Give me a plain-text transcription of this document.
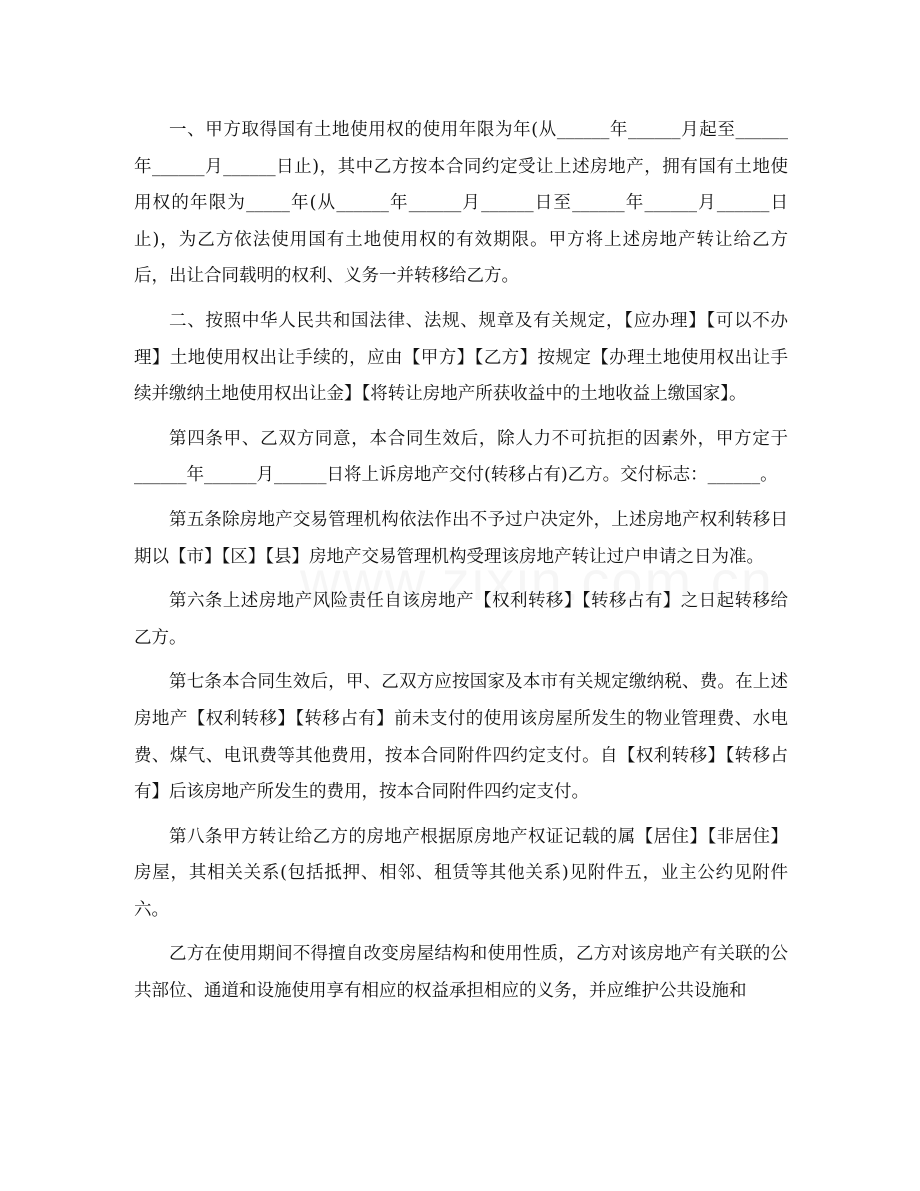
一、甲方取得国有土地使用权的使用年限为年(从______年______月起至______年______月______日止)，其中乙方按本合同约定受让上述房地产，拥有国有土地使用权的年限为_____年(从______年______月______日至______年______月______日止)，为乙方依法使用国有土地使用权的有效期限。甲方将上述房地产转让给乙方后，出让合同载明的权利、义务一并转移给乙方。

二、按照中华人民共和国法律、法规、规章及有关规定，【应办理】【可以不办理】土地使用权出让手续的，应由【甲方】【乙方】按规定【办理土地使用权出让手续并缴纳土地使用权出让金】【将转让房地产所获收益中的土地收益上缴国家】。

第四条甲、乙双方同意，本合同生效后，除人力不可抗拒的因素外，甲方定于______年______月______日将上诉房地产交付(转移占有)乙方。交付标志：______。

第五条除房地产交易管理机构依法作出不予过户决定外，上述房地产权利转移日期以【市】【区】【县】房地产交易管理机构受理该房地产转让过户申请之日为准。

第六条上述房地产风险责任自该房地产【权利转移】【转移占有】之日起转移给乙方。

第七条本合同生效后，甲、乙双方应按国家及本市有关规定缴纳税、费。在上述房地产【权利转移】【转移占有】前未支付的使用该房屋所发生的物业管理费、水电费、煤气、电讯费等其他费用，按本合同附件四约定支付。自【权利转移】【转移占有】后该房地产所发生的费用，按本合同附件四约定支付。

第八条甲方转让给乙方的房地产根据原房地产权证记载的属【居住】【非居住】房屋，其相关关系(包括抵押、相邻、租赁等其他关系)见附件五，业主公约见附件六。

乙方在使用期间不得擅自改变房屋结构和使用性质，乙方对该房地产有关联的公共部位、通道和设施使用享有相应的权益承担相应的义务，并应维护公共设施和
